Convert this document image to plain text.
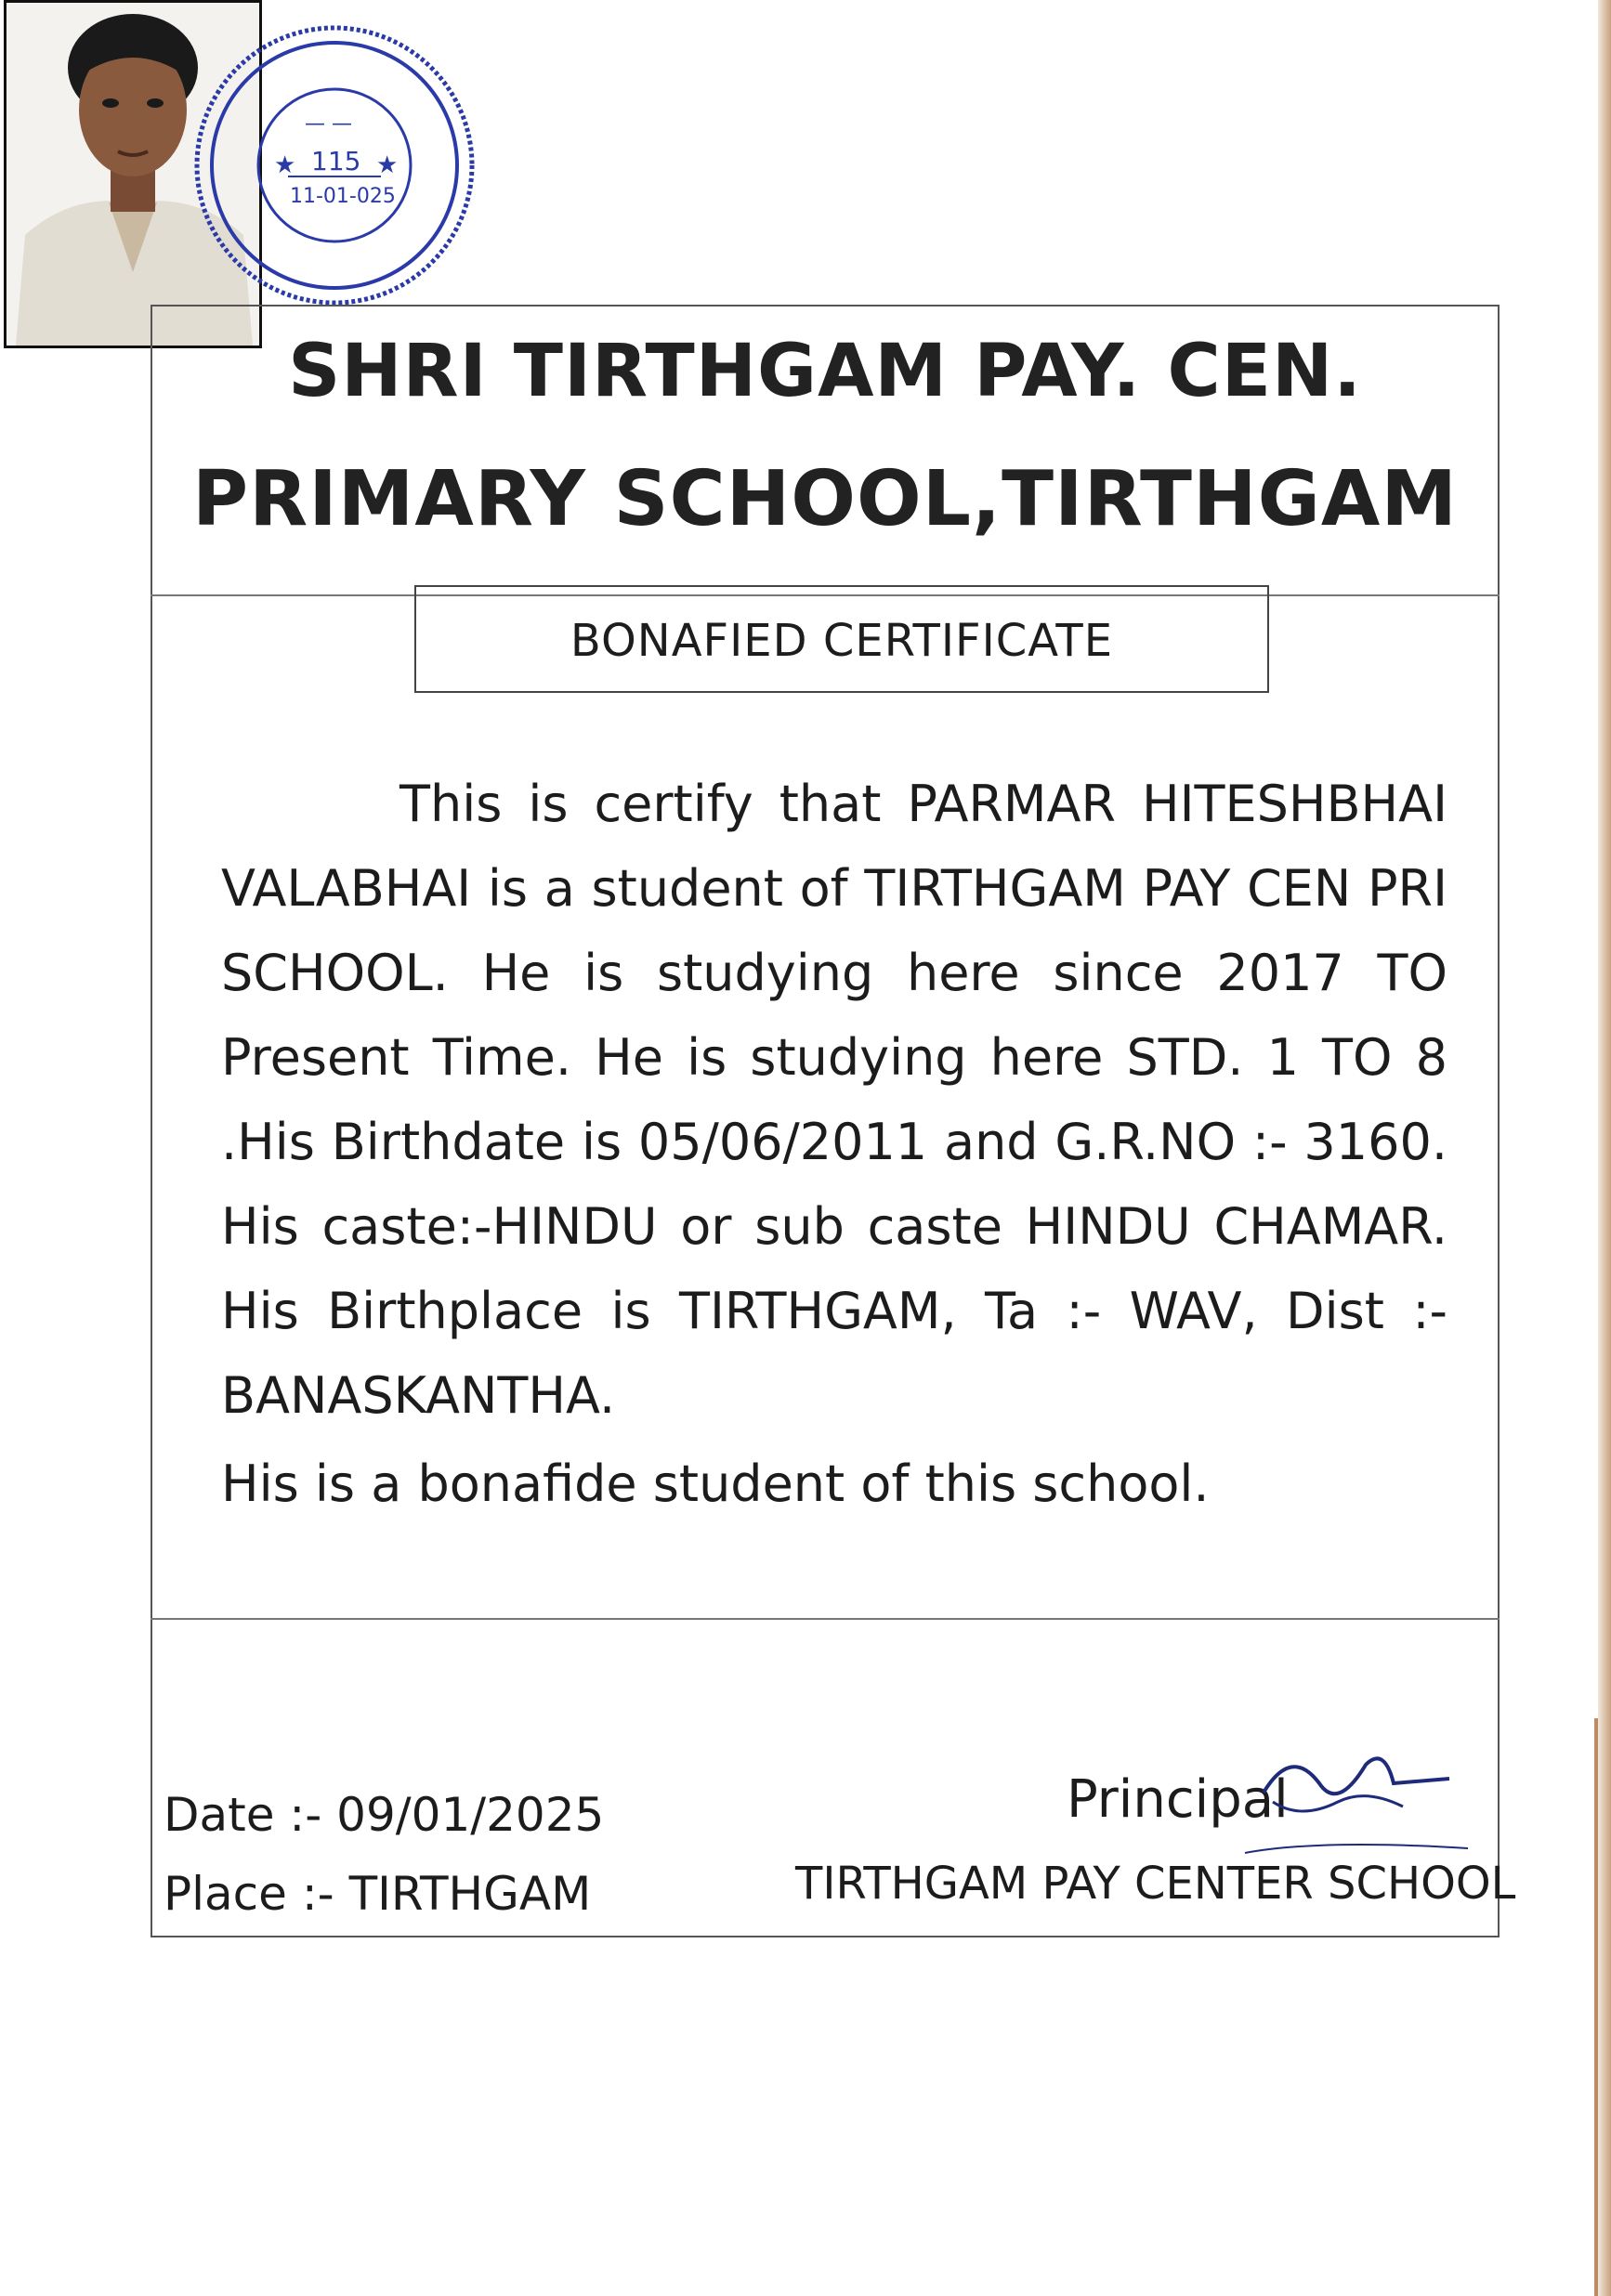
★	★
— —
115
11-01-025
SHRI TIRTHGAM PAY. CEN.
PRIMARY SCHOOL,TIRTHGAM
BONAFIED CERTIFICATE
This is certify that PARMAR HITESHBHAI VALABHAI is a student of TIRTHGAM PAY CEN PRI SCHOOL. He is studying here since 2017 TO Present Time. He is studying here STD. 1 TO 8 .His Birthdate is 05/06/2011 and G.R.NO :- 3160. His caste:-HINDU or sub caste HINDU CHAMAR. His Birthplace is TIRTHGAM, Ta :- WAV, Dist :-BANASKANTHA.
His is a bonafide student of this school.
Date :- 09/01/2025
Place :- TIRTHGAM
Principal
TIRTHGAM PAY CENTER SCHOOL
